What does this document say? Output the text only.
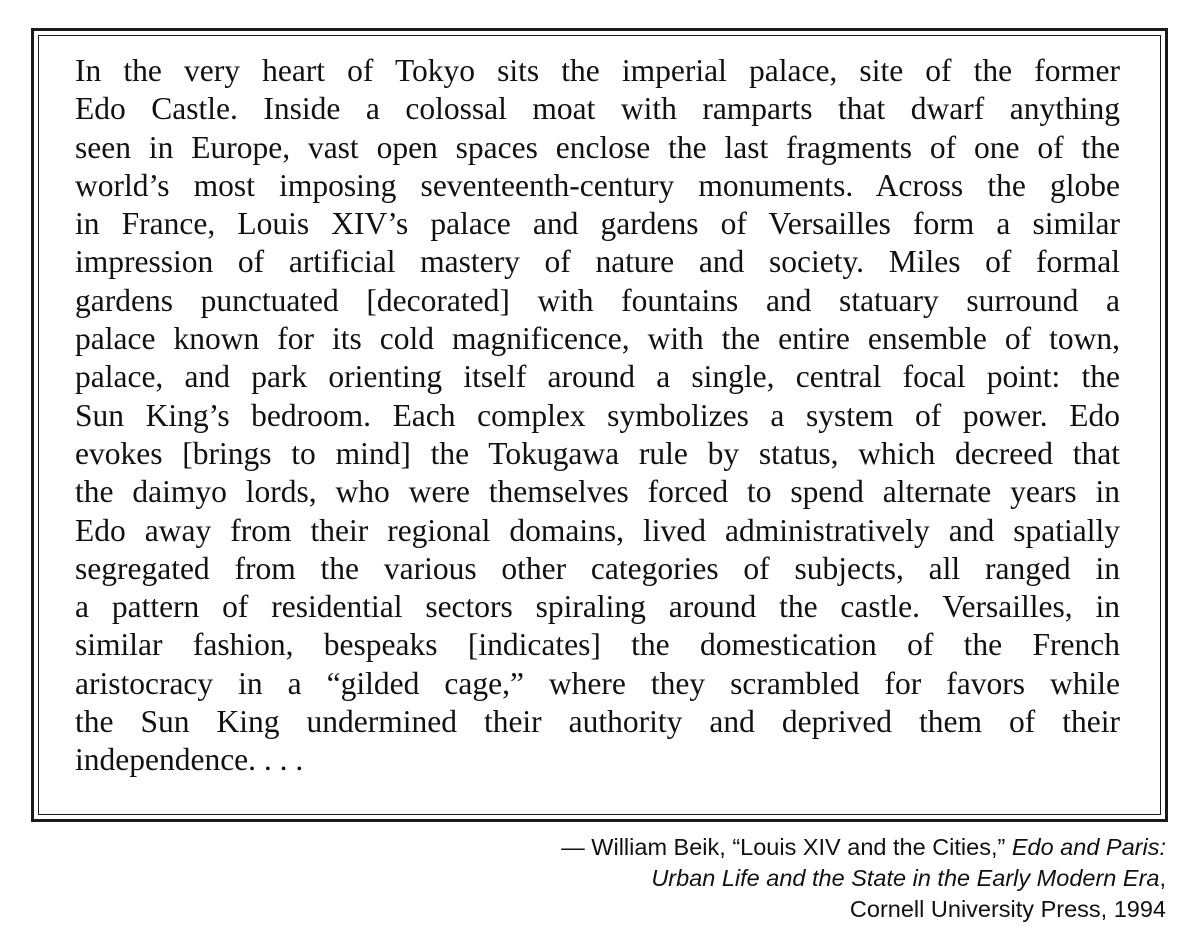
In the very heart of Tokyo sits the imperial palace, site of the former
Edo Castle. Inside a colossal moat with ramparts that dwarf anything
seen in Europe, vast open spaces enclose the last fragments of one of the
world’s most imposing seventeenth-century monuments. Across the globe
in France, Louis XIV’s palace and gardens of Versailles form a similar
impression of artificial mastery of nature and society. Miles of formal
gardens punctuated [decorated] with fountains and statuary surround a
palace known for its cold magnificence, with the entire ensemble of town,
palace, and park orienting itself around a single, central focal point: the
Sun King’s bedroom. Each complex symbolizes a system of power. Edo
evokes [brings to mind] the Tokugawa rule by status, which decreed that
the daimyo lords, who were themselves forced to spend alternate years in
Edo away from their regional domains, lived administratively and spatially
segregated from the various other categories of subjects, all ranged in
a pattern of residential sectors spiraling around the castle. Versailles, in
similar fashion, bespeaks [indicates] the domestication of the French
aristocracy in a “gilded cage,” where they scrambled for favors while
the Sun King undermined their authority and deprived them of their
independence. . . .
— William Beik, “Louis XIV and the Cities,” Edo and Paris:
Urban Life and the State in the Early Modern Era,
Cornell University Press, 1994
